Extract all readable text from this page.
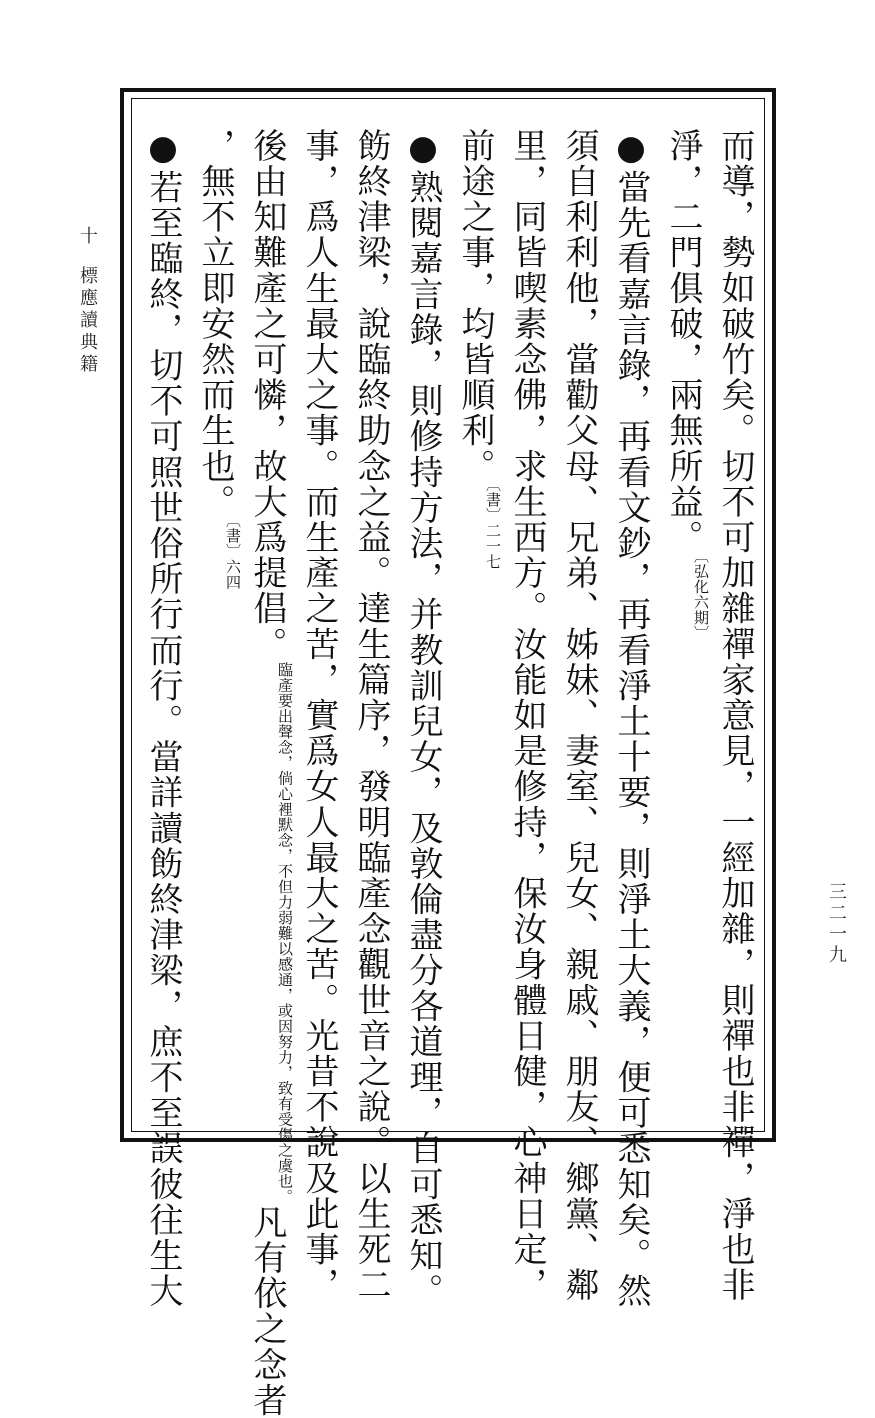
十
標應讀典籍
三二一九
而導，勢如破竹矣。切不可加雜禪家意見，一經加雜，則禪也非禪，淨也非
淨，二門俱破，兩無所益。$^{〔弘化六期〕}$
●當先看嘉言錄，再看文鈔，再看淨土十要，則淨土大義，便可悉知矣。然
須自利利他，當勸父母、兄弟、姊妹、妻室、兒女、親戚、朋友、鄉黨、鄰
里，同皆喫素念佛，求生西方。汝能如是修持，保汝身體日健，心神日定，
前途之事，均皆順利。$^{〔書〕二一七}$
●熟閱嘉言錄，則修持方法，并教訓兒女，及敦倫盡分各道理，自可悉知。
飭終津梁，說臨終助念之益。達生篇序，發明臨產念觀世音之說。以生死二
事，爲人生最大之事。而生產之苦，實爲女人最大之苦。光昔不說及此事，
後由知難產之可憐，故大爲提倡。$^{臨產要出聲念,倘心裡默念,不但力弱難以感通,或因努力,致有受傷之虞也。}$凡有依之念者
，無不立即安然而生也。$^{〔書〕六四}$
●若至臨終，切不可照世俗所行而行。當詳讀飭終津梁，庶不至誤彼往生大
